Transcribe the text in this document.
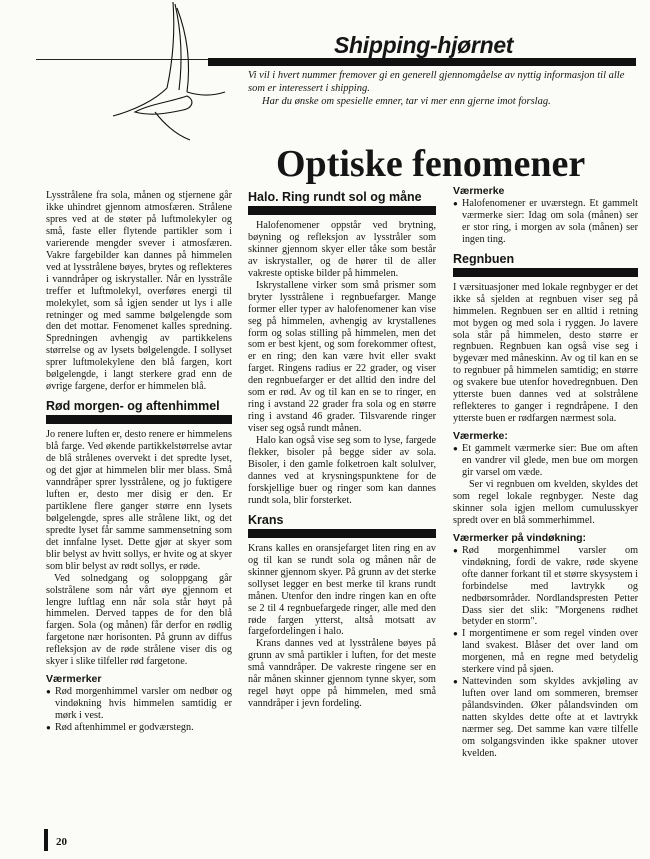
Shipping-hjørnet

Vi vil i hvert nummer fremover gi en generell gjennomgåelse av nyttig informasjon til alle som er interessert i shipping.

Har du ønske om spesielle emner, tar vi mer enn gjerne imot forslag.

Optiske fenomener

Lysstrålene fra sola, månen og stjernene går ikke uhindret gjennom atmosfæren. Strålene spres ved at de støter på luftmolekyler og små, faste eller flytende partikler som i varierende mengder svever i atmosfæren. Vakre fargebilder kan dannes på himmelen ved at lysstrålene bøyes, brytes og reflekteres i vanndråper og iskrystaller. Når en lysstråle treffer et luftmolekyl, overføres energi til molekylet, som så igjen sender ut lys i alle retninger og med samme bølgelengde som den det mottar. Fenomenet kalles spredning. Spredningen avhengig av partikkelens størrelse og av lysets bølgelengde. I sollyset sprer luftmolekylene den blå fargen, kort bølgelengde, i langt sterkere grad enn de øvrige fargene, derfor er himmelen blå.

Rød morgen- og aftenhimmel

Jo renere luften er, desto renere er himmelens blå farge. Ved økende partikkelstørrelse avtar de blå strålenes overvekt i det spredte lyset, og det gjør at himmelen blir mer blass. Små vanndråper sprer lysstrålene, og jo fuktigere luften er, desto mer disig er den. Er partiklene flere ganger større enn lysets bølgelengde, spres alle strålene likt, og det spredte lyset får samme sammensetning som det innfalne lyset. Dette gjør at skyer som blir belyst av hvitt sollys, er hvite og at skyer som blir belyst av rødt sollys, er røde.

Ved solnedgang og soloppgang går solstrålene som når vårt øye gjennom et lengre luftlag enn når sola står høyt på himmelen. Derved tappes de for den blå fargen. Sola (og månen) får derfor en rødlig fargetone nær horisonten. På grunn av diffus refleksjon av de røde strålene viser dis og skyer i slike tilfeller rød fargetone.

Værmerker
● Rød morgenhimmel varsler om nedbør og vindøkning hvis himmelen samtidig er mørk i vest.
● Rød aftenhimmel er godværstegn.
Halo. Ring rundt sol og måne

Halofenomener oppstår ved brytning, bøyning og refleksjon av lysstråler som skinner gjennom skyer eller tåke som består av iskrystaller, og de hører til de aller vakreste optiske bilder på himmelen.

Iskrystallene virker som små prismer som bryter lysstrålene i regnbuefarger. Mange former eller typer av halofenomener kan vise seg på himmelen, avhengig av krystallenes form og solas stilling på himmelen, men det som er best kjent, og som forekommer oftest, er en ring; den kan være hvit eller svakt farget. Ringens radius er 22 grader, og viser den regnbuefarger er det alltid den indre del som er rød. Av og til kan en se to ringer, en ring i avstand 22 grader fra sola og en større ring i avstand 46 grader. Tilsvarende ringer viser seg også rundt månen.

Halo kan også vise seg som to lyse, fargede flekker, bisoler på begge sider av sola. Bisoler, i den gamle folketroen kalt solulver, dannes ved at krysningspunktene for de forskjellige buer og ringer som kan dannes rundt sola, blir forsterket.

Krans

Krans kalles en oransjefarget liten ring en av og til kan se rundt sola og månen når de skinner gjennom skyer. På grunn av det sterke sollyset legger en best merke til krans rundt månen. Utenfor den indre ringen kan en ofte se 2 til 4 regnbuefargede ringer, alle med den røde fargen ytterst, altså motsatt av fargefordelingen i halo.

Krans dannes ved at lysstrålene bøyes på grunn av små partikler i luften, for det meste små vanndråper. De vakreste ringene ser en når månen skinner gjennom tynne skyer, som regel høyt oppe på himmelen, med små vanndråper i jevn fordeling.

Værmerke
● Halofenomener er uværstegn. Et gammelt værmerke sier: Idag om sola (månen) ser er stor ring, i morgen av sola (månen) ser ingen ting.
Regnbuen

I værsituasjoner med lokale regnbyger er det ikke så sjelden at regnbuen viser seg på himmelen. Regnbuen ser en alltid i retning mot bygen og med sola i ryggen. Jo lavere sola står på himmelen, desto større er regnbuen. Regnbuen kan også vise seg i bygevær med måneskinn. Av og til kan en se to regnbuer på himmelen samtidig; en større og svakere bue utenfor hovedregnbuen. Den ytterste buen dannes ved at solstrålene reflekteres to ganger i regndråpene. I den ytterste buen er rødfargen nærmest sola.

Værmerke:
● Et gammelt værmerke sier: Bue om aften en vandrer vil glede, men bue om morgen gir varsel om væde.

Ser vi regnbuen om kvelden, skyldes det som regel lokale regnbyger. Neste dag skinner sola igjen mellom cumulusskyer spredt over en blå sommerhimmel.

Værmerker på vindøkning:
● Rød morgenhimmel varsler om vindøkning, fordi de vakre, røde skyene ofte danner forkant til et større skysystem i forbindelse med lavtrykk og nedbørsområder. Nordlandspresten Petter Dass sier det slik: "Morgenens rødhet betyder en storm".
● I morgentimene er som regel vinden over land svakest. Blåser det over land om morgenen, må en regne med betydelig sterkere vind på sjøen.
● Nattevinden som skyldes avkjøling av luften over land om sommeren, bremser pålandsvinden. Øker pålandsvinden om natten skyldes dette ofte at et lavtrykk nærmer seg. Det samme kan være tilfelle om solgangsvinden ikke spakner utover kvelden.
20
